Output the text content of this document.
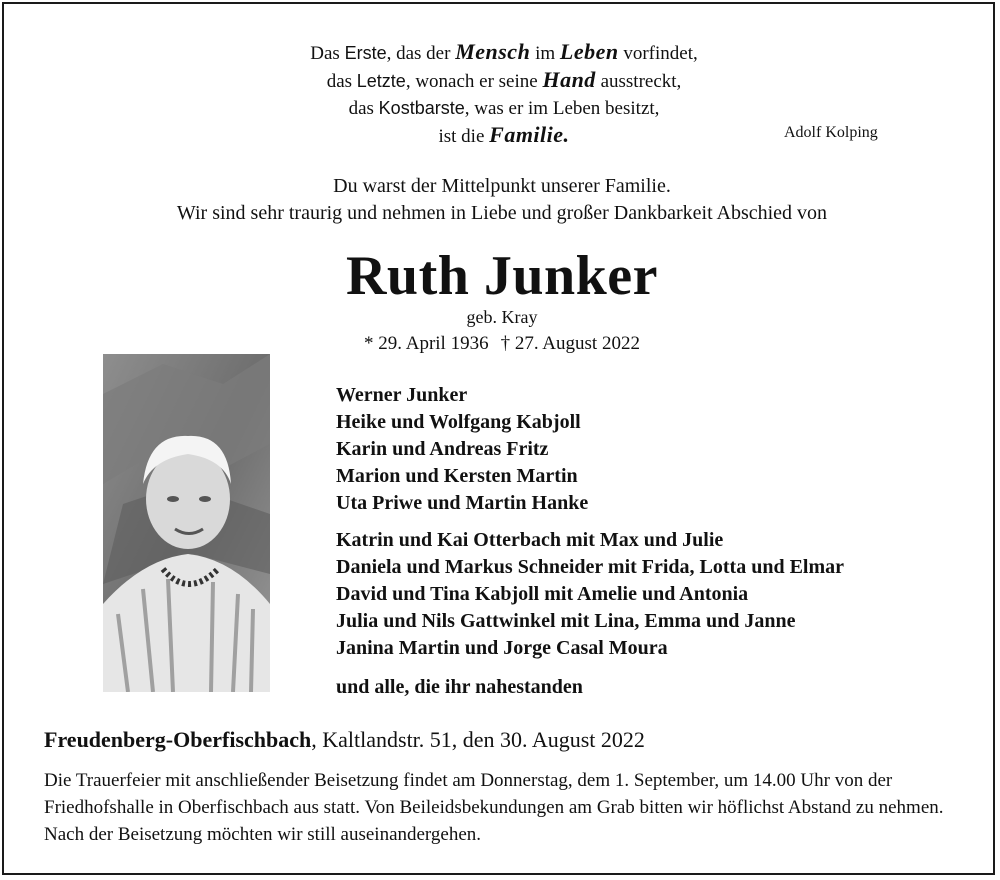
Das Erste, das der Mensch im Leben vorfindet,
das Letzte, wonach er seine Hand ausstreckt,
das Kostbarste, was er im Leben besitzt,
ist die Familie.	Adolf Kolping
Du warst der Mittelpunkt unserer Familie.
Wir sind sehr traurig und nehmen in Liebe und großer Dankbarkeit Abschied von
Ruth Junker
geb. Kray
* 29. April 1936 † 27. August 2022
Werner Junker
Heike und Wolfgang Kabjoll
Karin und Andreas Fritz
Marion und Kersten Martin
Uta Priwe und Martin Hanke
Katrin und Kai Otterbach mit Max und Julie
Daniela und Markus Schneider mit Frida, Lotta und Elmar
David und Tina Kabjoll mit Amelie und Antonia
Julia und Nils Gattwinkel mit Lina, Emma und Janne
Janina Martin und Jorge Casal Moura
und alle, die ihr nahestanden
Freudenberg-Oberfischbach, Kaltlandstr. 51, den 30. August 2022
Die Trauerfeier mit anschließender Beisetzung findet am Donnerstag, dem 1. September, um 14.00 Uhr von der Friedhofshalle in Oberfischbach aus statt. Von Beileidsbekundungen am Grab bitten wir höflichst Abstand zu nehmen. Nach der Beisetzung möchten wir still auseinandergehen.
